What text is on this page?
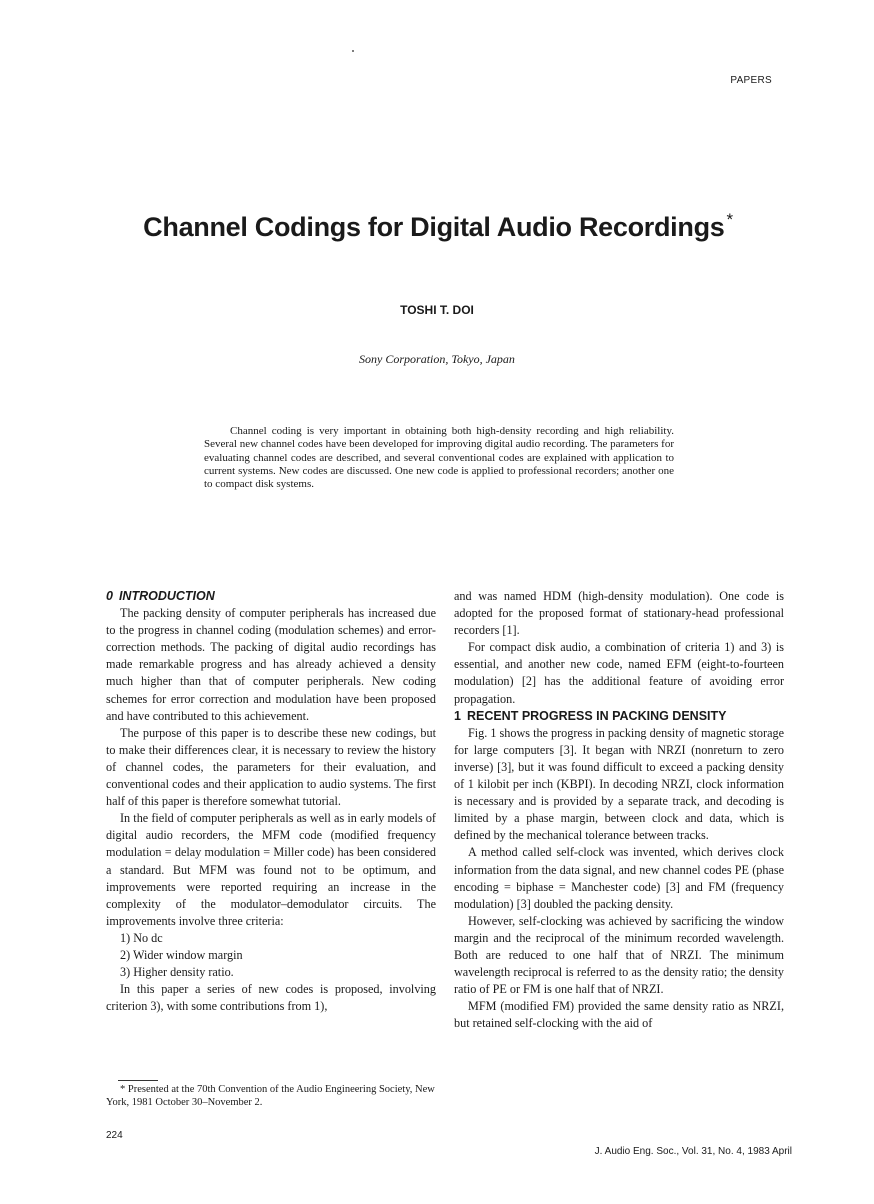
PAPERS
Channel Codings for Digital Audio Recordings *
TOSHI T. DOI
Sony Corporation, Tokyo, Japan
Channel coding is very important in obtaining both high-density recording and high reliability. Several new channel codes have been developed for improving digital audio recording. The parameters for evaluating channel codes are described, and several conventional codes are explained with application to current systems. New codes are discussed. One new code is applied to professional recorders; another one to compact disk systems.

0 INTRODUCTION

The packing density of computer peripherals has increased due to the progress in channel coding (modulation schemes) and error-correction methods. The packing of digital audio recordings has made remarkable progress and has already achieved a density much higher than that of computer peripherals. New coding schemes for error correction and modulation have been proposed and have contributed to this achievement.

The purpose of this paper is to describe these new codings, but to make their differences clear, it is necessary to review the history of channel codes, the parameters for their evaluation, and conventional codes and their application to audio systems. The first half of this paper is therefore somewhat tutorial.

In the field of computer peripherals as well as in early models of digital audio recorders, the MFM code (modified frequency modulation = delay modulation = Miller code) has been considered a standard. But MFM was found not to be optimum, and improvements were reported requiring an increase in the complexity of the modulator–demodulator circuits. The improvements involve three criteria:

1) No dc

2) Wider window margin

3) Higher density ratio.

In this paper a series of new codes is proposed, involving criterion 3), with some contributions from 1),

and was named HDM (high-density modulation). One code is adopted for the proposed format of stationary-head professional recorders [1].

For compact disk audio, a combination of criteria 1) and 3) is essential, and another new code, named EFM (eight-to-fourteen modulation) [2] has the additional feature of avoiding error propagation.

1 RECENT PROGRESS IN PACKING DENSITY

Fig. 1 shows the progress in packing density of magnetic storage for large computers [3]. It began with NRZI (nonreturn to zero inverse) [3], but it was found difficult to exceed a packing density of 1 kilobit per inch (KBPI). In decoding NRZI, clock information is necessary and is provided by a separate track, and decoding is limited by a phase margin, between clock and data, which is defined by the mechanical tolerance between tracks.

A method called self-clock was invented, which derives clock information from the data signal, and new channel codes PE (phase encoding = biphase = Manchester code) [3] and FM (frequency modulation) [3] doubled the packing density.

However, self-clocking was achieved by sacrificing the window margin and the reciprocal of the minimum recorded wavelength. Both are reduced to one half that of NRZI. The minimum wavelength reciprocal is referred to as the density ratio; the density ratio of PE or FM is one half that of NRZI.

MFM (modified FM) provided the same density ratio as NRZI, but retained self-clocking with the aid of

* Presented at the 70th Convention of the Audio Engineering Society, New York, 1981 October 30–November 2.
224
J. Audio Eng. Soc., Vol. 31, No. 4, 1983 April
